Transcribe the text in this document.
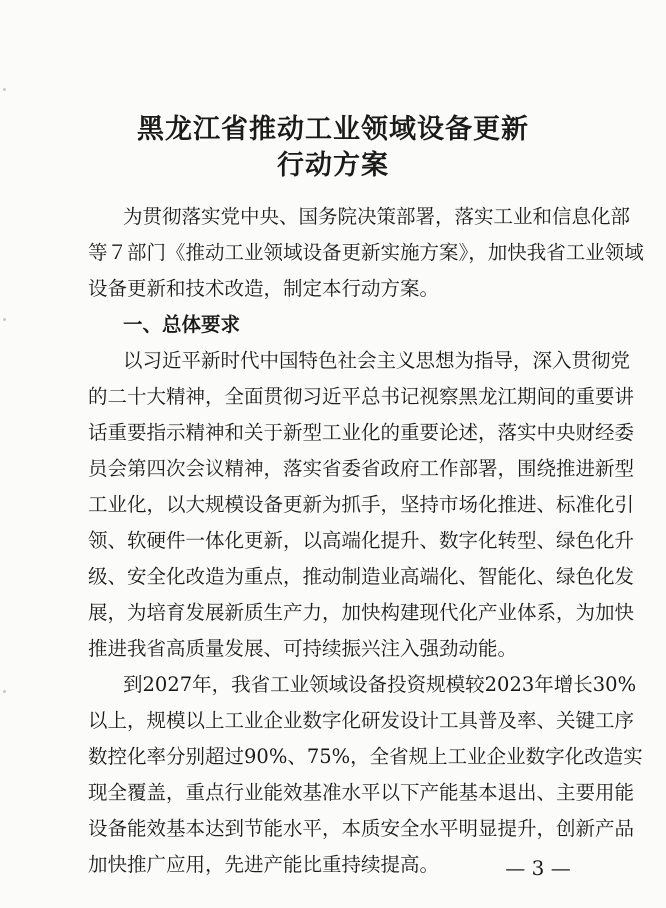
黑龙江省推动工业领域设备更新
行动方案
为贯彻落实党中央、国务院决策部署，落实工业和信息化部
等７部门《推动工业领域设备更新实施方案》，加快我省工业领域
设备更新和技术改造，制定本行动方案。
一、总体要求
以习近平新时代中国特色社会主义思想为指导，深入贯彻党
的二十大精神，全面贯彻习近平总书记视察黑龙江期间的重要讲
话重要指示精神和关于新型工业化的重要论述，落实中央财经委
员会第四次会议精神，落实省委省政府工作部署，围绕推进新型
工业化，以大规模设备更新为抓手，坚持市场化推进、标准化引
领、软硬件一体化更新，以高端化提升、数字化转型、绿色化升
级、安全化改造为重点，推动制造业高端化、智能化、绿色化发
展，为培育发展新质生产力，加快构建现代化产业体系，为加快
推进我省高质量发展、可持续振兴注入强劲动能。
到2027年，我省工业领域设备投资规模较2023年增长30%
以上，规模以上工业企业数字化研发设计工具普及率、关键工序
数控化率分别超过90%、75%，全省规上工业企业数字化改造实
现全覆盖，重点行业能效基准水平以下产能基本退出、主要用能
设备能效基本达到节能水平，本质安全水平明显提升，创新产品
加快推广应用，先进产能比重持续提高。	— 3 —
